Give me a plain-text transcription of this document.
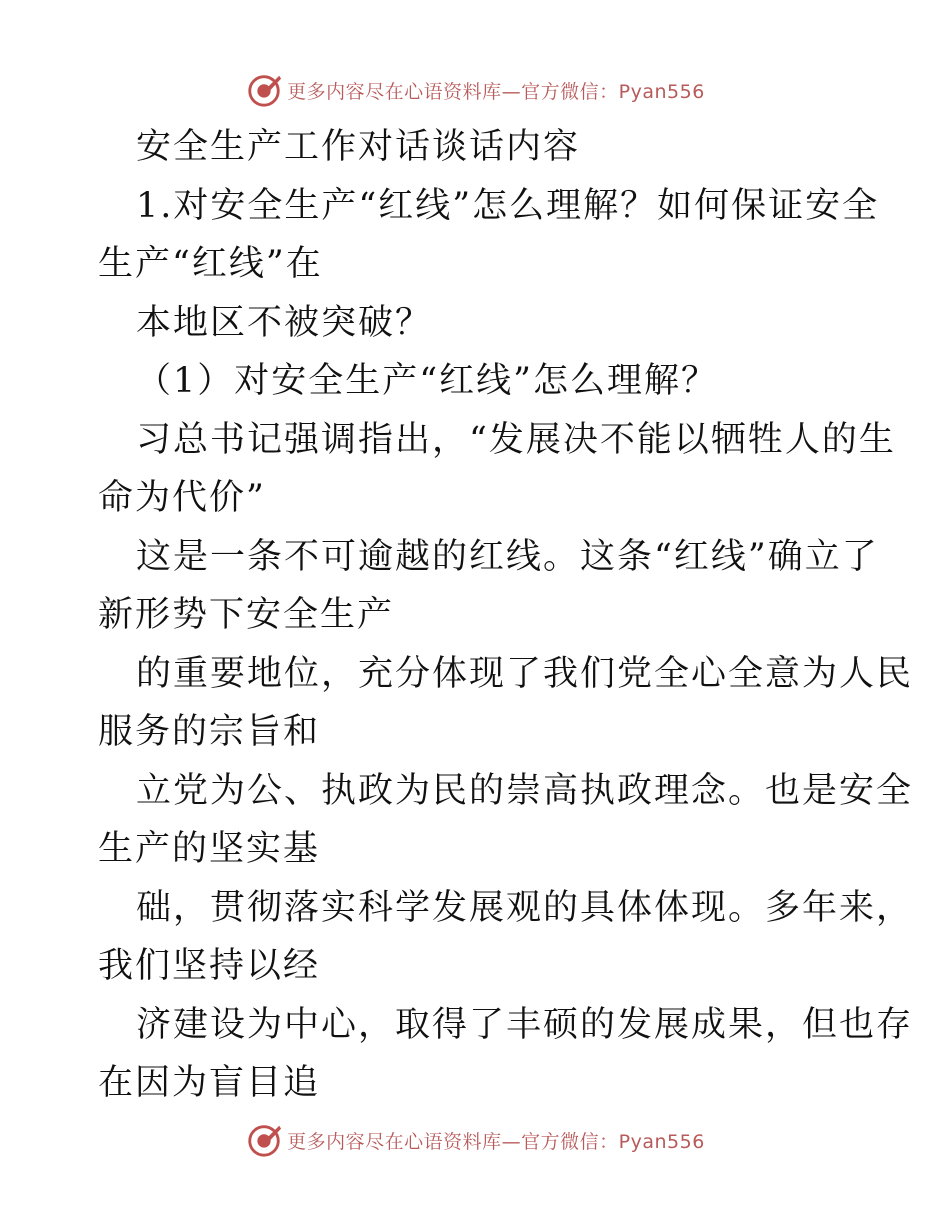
更多内容尽在心语资料库—官方微信：Pyan556
安全生产工作对话谈话内容
1.对安全生产“红线”怎么理解？如何保证安全
生产“红线”在
本地区不被突破？
（1）对安全生产“红线”怎么理解？
习总书记强调指出，“发展决不能以牺牲人的生
命为代价”
这是一条不可逾越的红线。这条“红线”确立了
新形势下安全生产
的重要地位，充分体现了我们党全心全意为人民
服务的宗旨和
立党为公、执政为民的崇高执政理念。也是安全
生产的坚实基
础，贯彻落实科学发展观的具体体现。多年来，
我们坚持以经
济建设为中心，取得了丰硕的发展成果，但也存
在因为盲目追
更多内容尽在心语资料库—官方微信：Pyan556
